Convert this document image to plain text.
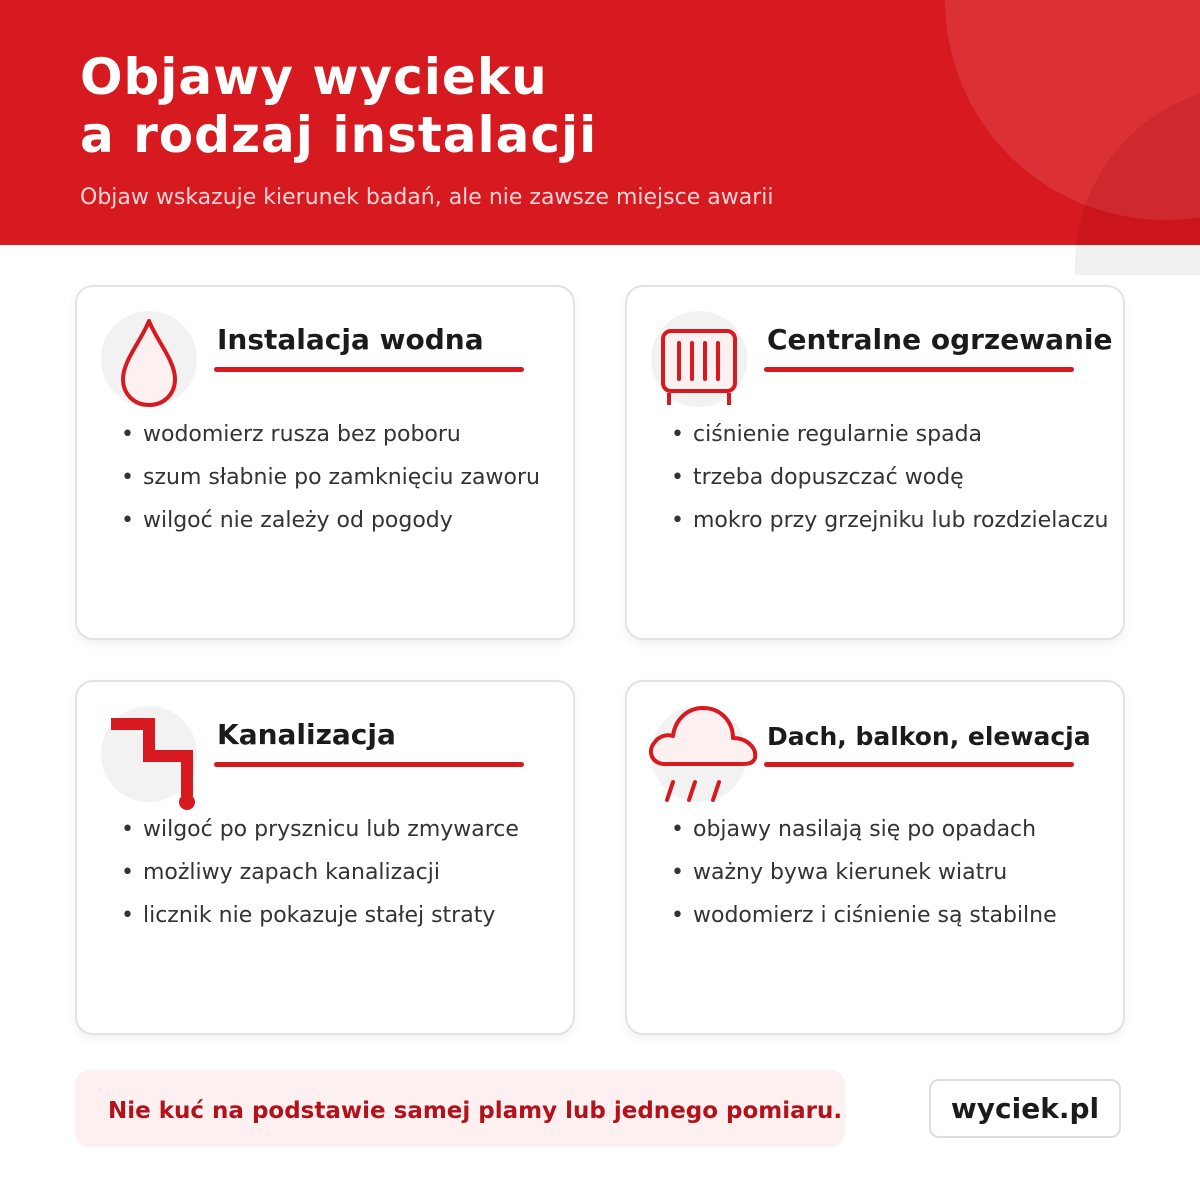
Objawy wycieku
a rodzaj instalacji

Objaw wskazuje kierunek badań, ale nie zawsze miejsce awarii

Instalacja wodna
• wodomierz rusza bez poboru
• szum słabnie po zamknięciu zaworu
• wilgoć nie zależy od pogody
Centralne ogrzewanie
• ciśnienie regularnie spada
• trzeba dopuszczać wodę
• mokro przy grzejniku lub rozdzielaczu
Kanalizacja
• wilgoć po prysznicu lub zmywarce
• możliwy zapach kanalizacji
• licznik nie pokazuje stałej straty
Dach, balkon, elewacja
• objawy nasilają się po opadach
• ważny bywa kierunek wiatru
• wodomierz i ciśnienie są stabilne
Nie kuć na podstawie samej plamy lub jednego pomiaru.	wyciek.pl
